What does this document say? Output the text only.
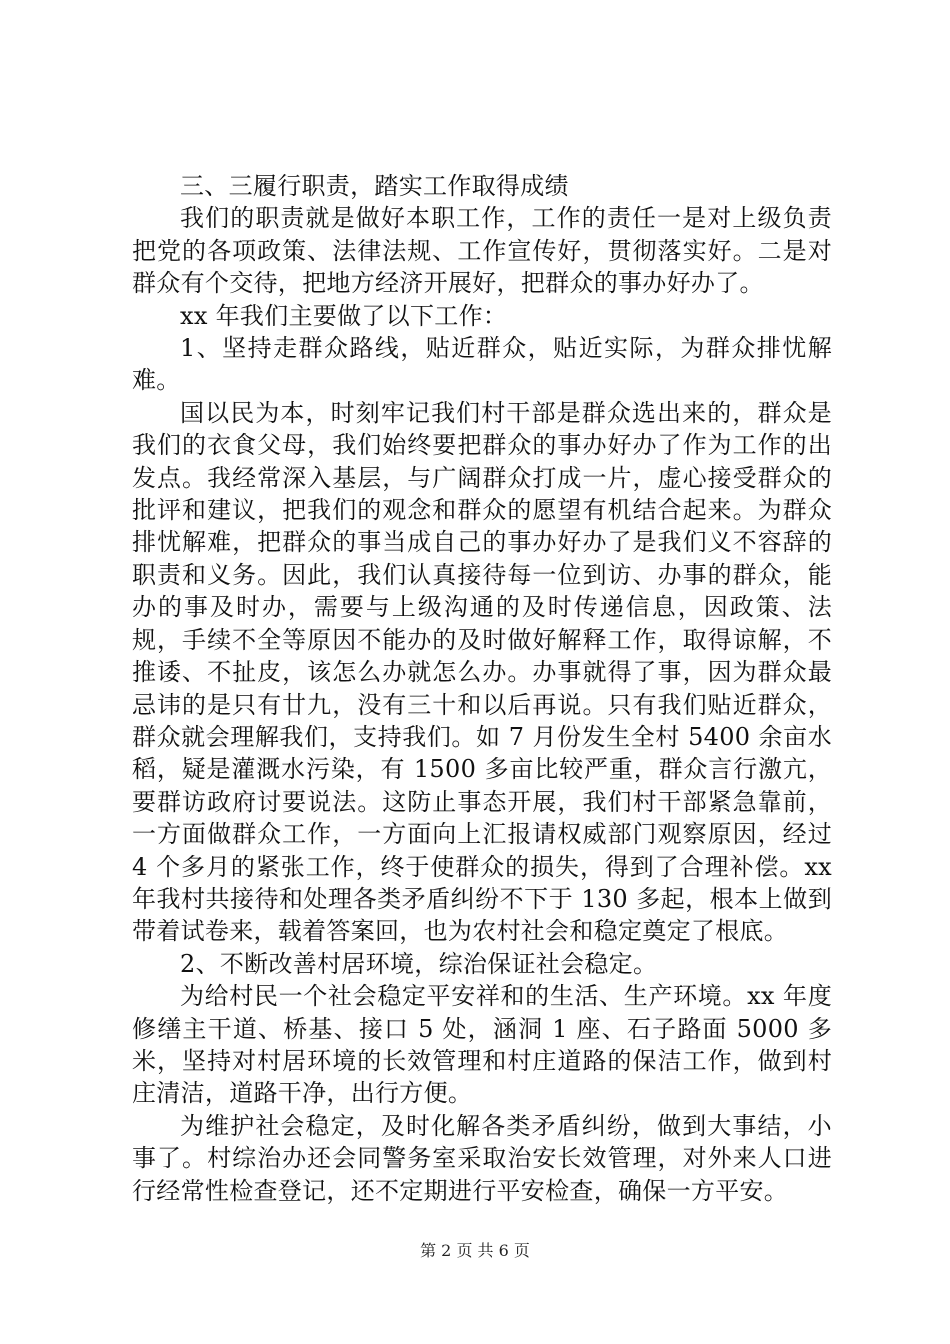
三、三履行职责，踏实工作取得成绩

我们的职责就是做好本职工作，工作的责任一是对上级负责把党的各项政策、法律法规、工作宣传好，贯彻落实好。二是对群众有个交待，把地方经济开展好，把群众的事办好办了。

xx 年我们主要做了以下工作：

1、坚持走群众路线，贴近群众，贴近实际，为群众排忧解难。

国以民为本，时刻牢记我们村干部是群众选出来的，群众是我们的衣食父母，我们始终要把群众的事办好办了作为工作的出发点。我经常深入基层，与广阔群众打成一片，虚心接受群众的批评和建议，把我们的观念和群众的愿望有机结合起来。为群众排忧解难，把群众的事当成自己的事办好办了是我们义不容辞的职责和义务。因此，我们认真接待每一位到访、办事的群众，能办的事及时办，需要与上级沟通的及时传递信息，因政策、法规，手续不全等原因不能办的及时做好解释工作，取得谅解，不推诿、不扯皮，该怎么办就怎么办。办事就得了事，因为群众最忌讳的是只有廿九，没有三十和以后再说。只有我们贴近群众，群众就会理解我们，支持我们。如 7 月份发生全村 5400 余亩水稻，疑是灌溉水污染，有 1500 多亩比较严重，群众言行激亢，要群访政府讨要说法。这防止事态开展，我们村干部紧急靠前，一方面做群众工作，一方面向上汇报请权威部门观察原因，经过 4 个多月的紧张工作，终于使群众的损失，得到了合理补偿。xx 年我村共接待和处理各类矛盾纠纷不下于 130 多起，根本上做到带着试卷来，载着答案回，也为农村社会和稳定奠定了根底。

2、不断改善村居环境，综治保证社会稳定。

为给村民一个社会稳定平安祥和的生活、生产环境。xx 年度修缮主干道、桥基、接口 5 处，涵洞 1 座、石子路面 5000 多米，坚持对村居环境的长效管理和村庄道路的保洁工作，做到村庄清洁，道路干净，出行方便。

为维护社会稳定，及时化解各类矛盾纠纷，做到大事结，小事了。村综治办还会同警务室采取治安长效管理，对外来人口进行经常性检查登记，还不定期进行平安检查，确保一方平安。

第 2 页 共 6 页
